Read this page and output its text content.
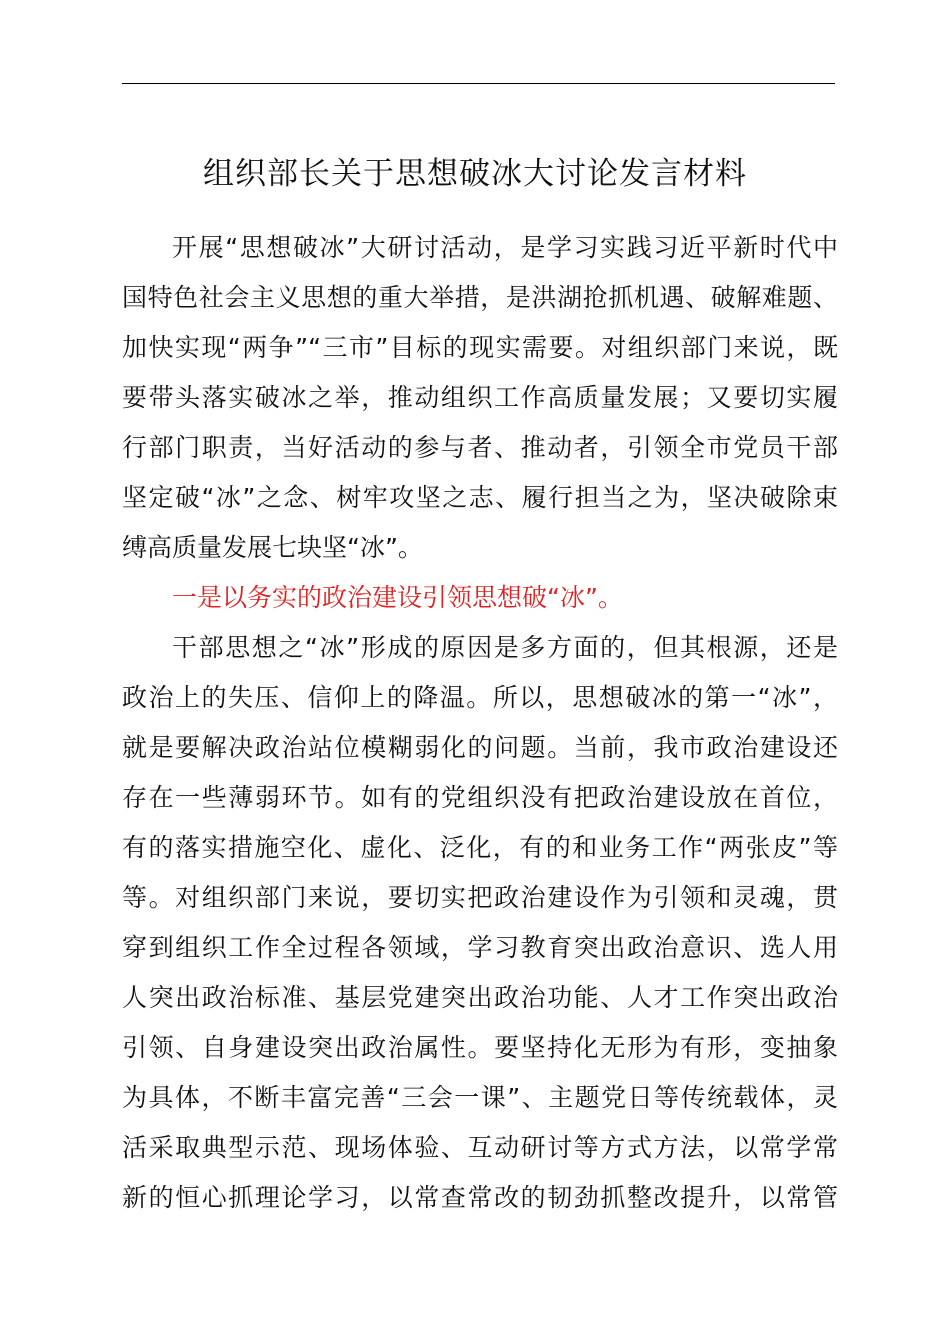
组织部长关于思想破冰大讨论发言材料
开展“思想破冰”大研讨活动，是学习实践习近平新时代中
国特色社会主义思想的重大举措，是洪湖抢抓机遇、破解难题、
加快实现“两争”“三市”目标的现实需要。对组织部门来说，既
要带头落实破冰之举，推动组织工作高质量发展；又要切实履
行部门职责，当好活动的参与者、推动者，引领全市党员干部
坚定破“冰”之念、树牢攻坚之志、履行担当之为，坚决破除束
缚高质量发展七块坚“冰”。
一是以务实的政治建设引领思想破“冰”。
干部思想之“冰”形成的原因是多方面的，但其根源，还是
政治上的失压、信仰上的降温。所以，思想破冰的第一“冰”，
就是要解决政治站位模糊弱化的问题。当前，我市政治建设还
存在一些薄弱环节。如有的党组织没有把政治建设放在首位，
有的落实措施空化、虚化、泛化，有的和业务工作“两张皮”等
等。对组织部门来说，要切实把政治建设作为引领和灵魂，贯
穿到组织工作全过程各领域，学习教育突出政治意识、选人用
人突出政治标准、基层党建突出政治功能、人才工作突出政治
引领、自身建设突出政治属性。要坚持化无形为有形，变抽象
为具体，不断丰富完善“三会一课”、主题党日等传统载体，灵
活采取典型示范、现场体验、互动研讨等方式方法，以常学常
新的恒心抓理论学习，以常查常改的韧劲抓整改提升，以常管
